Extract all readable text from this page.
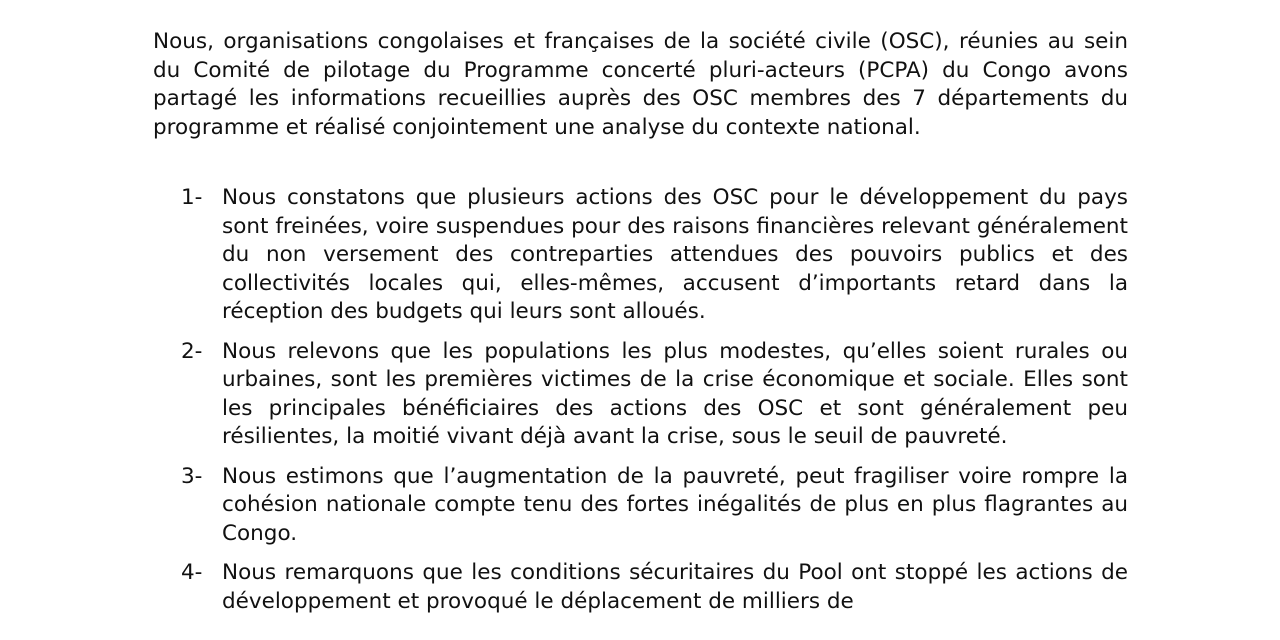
Nous, organisations congolaises et françaises de la société civile (OSC), réunies au sein du Comité de pilotage du Programme concerté pluri-acteurs (PCPA) du Congo avons partagé les informations recueillies auprès des OSC membres des 7 départements du programme et réalisé conjointement une analyse du contexte national.

1- Nous constatons que plusieurs actions des OSC pour le développement du pays sont freinées, voire suspendues pour des raisons financières relevant généralement du non versement des contreparties attendues des pouvoirs publics et des collectivités locales qui, elles-mêmes, accusent d’importants retard dans la réception des budgets qui leurs sont alloués.

2- Nous relevons que les populations les plus modestes, qu’elles soient rurales ou urbaines, sont les premières victimes de la crise économique et sociale. Elles sont les principales bénéficiaires des actions des OSC et sont généralement peu résilientes, la moitié vivant déjà avant la crise, sous le seuil de pauvreté.

3- Nous estimons que l’augmentation de la pauvreté, peut fragiliser voire rompre la cohésion nationale compte tenu des fortes inégalités de plus en plus flagrantes au Congo.

4- Nous remarquons que les conditions sécuritaires du Pool ont stoppé les actions de développement et provoqué le déplacement de milliers de
